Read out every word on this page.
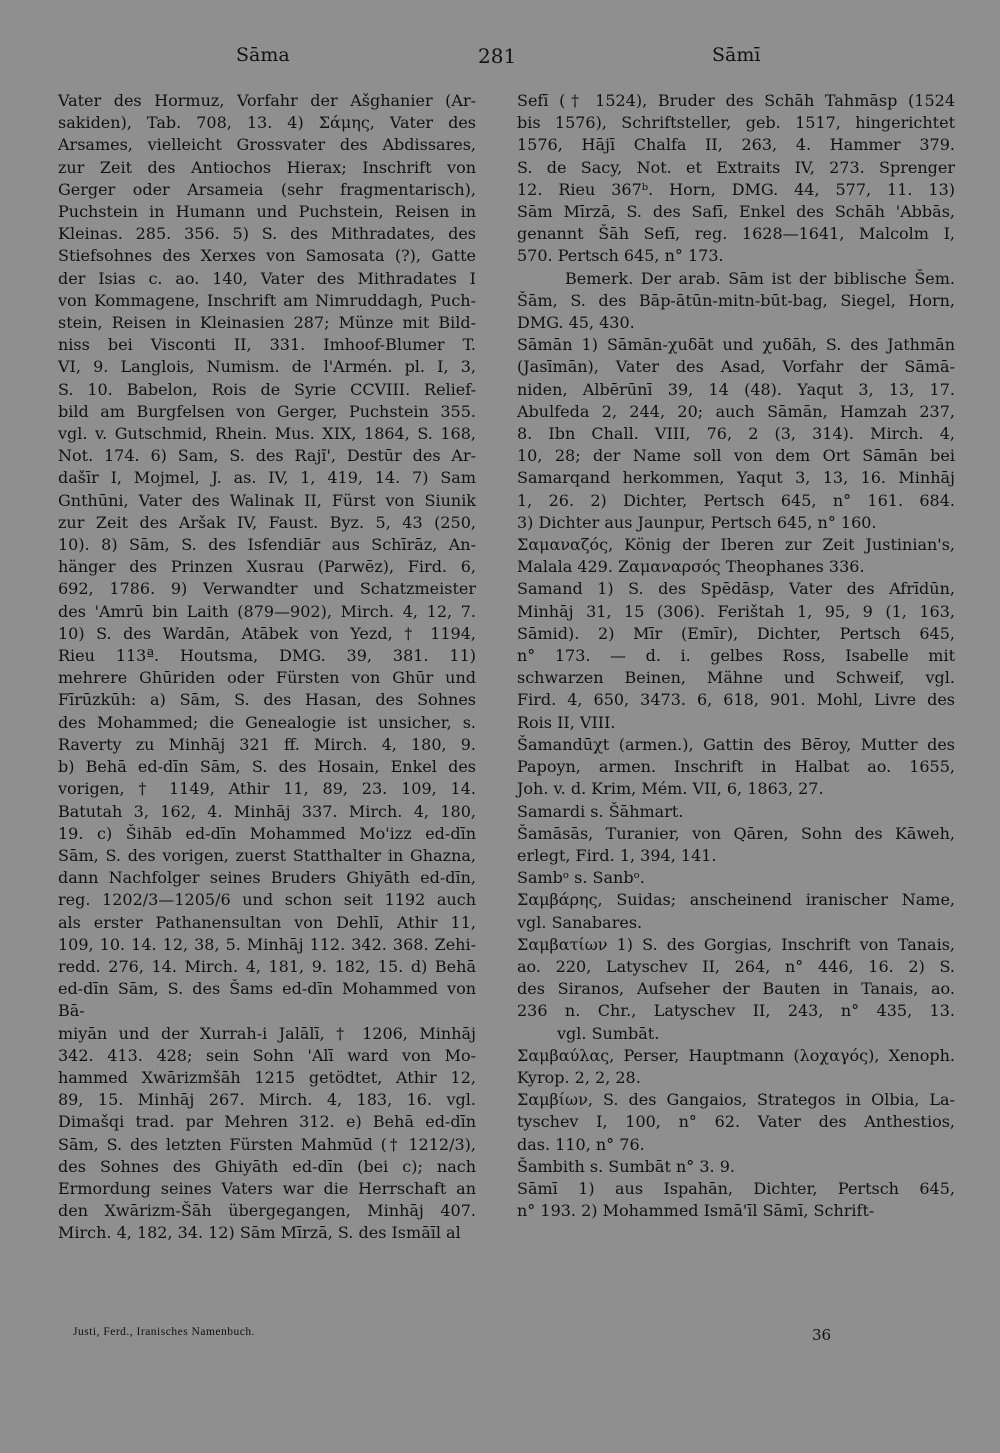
Sāma	281	Sāmī
Vater des Hormuz, Vorfahr der Ašghanier (Ar-
sakiden), Tab. 708, 13. 4) Σάμης, Vater des
Arsames, vielleicht Grossvater des Abdissares,
zur Zeit des Antiochos Hierax; Inschrift von
Gerger oder Arsameia (sehr fragmentarisch),
Puchstein in Humann und Puchstein, Reisen in
Kleinas. 285. 356. 5) S. des Mithradates, des
Stiefsohnes des Xerxes von Samosata (?), Gatte
der Isias c. ao. 140, Vater des Mithradates I
von Kommagene, Inschrift am Nimruddagh, Puch-
stein, Reisen in Kleinasien 287; Münze mit Bild-
niss bei Visconti II, 331. Imhoof-Blumer T.
VI, 9. Langlois, Numism. de l'Armén. pl. I, 3,
S. 10. Babelon, Rois de Syrie CCVIII. Relief-
bild am Burgfelsen von Gerger, Puchstein 355.
vgl. v. Gutschmid, Rhein. Mus. XIX, 1864, S. 168,
Not. 174. 6) Sam, S. des Rajı̄', Destūr des Ar-
dašīr I, Mojmel, J. as. IV, 1, 419, 14. 7) Sam
Gnthūni, Vater des Walinak II, Fürst von Siunik
zur Zeit des Aršak IV, Faust. Byz. 5, 43 (250,
10). 8) Sām, S. des Isfendiār aus Schīrāz, An-
hänger des Prinzen Xusrau (Parwēz), Fird. 6,
692, 1786. 9) Verwandter und Schatzmeister
des 'Amrū bin Laith (879—902), Mirch. 4, 12, 7.
10) S. des Wardān, Atābek von Yezd, † 1194,
Rieu 113ª. Houtsma, DMG. 39, 381. 11)
mehrere Ghūriden oder Fürsten von Ghūr und
Fīrūzkūh: a) Sām, S. des Hasan, des Sohnes
des Mohammed; die Genealogie ist unsicher, s.
Raverty zu Minhāj 321 ff. Mirch. 4, 180, 9.
b) Behā ed-dīn Sām, S. des Hosain, Enkel des
vorigen, † 1149, Athir 11, 89, 23. 109, 14.
Batutah 3, 162, 4. Minhāj 337. Mirch. 4, 180,
19. c) Šihāb ed-dīn Mohammed Mo'izz ed-dīn
Sām, S. des vorigen, zuerst Statthalter in Ghazna,
dann Nachfolger seines Bruders Ghiyāth ed-dīn,
reg. 1202/3—1205/6 und schon seit 1192 auch
als erster Pathanensultan von Dehlī, Athir 11,
109, 10. 14. 12, 38, 5. Minhāj 112. 342. 368. Zehi-
redd. 276, 14. Mirch. 4, 181, 9. 182, 15. d) Behā
ed-dīn Sām, S. des Šams ed-dīn Mohammed von Bā-
miyān und der Xurrah-i Jalālī, † 1206, Minhāj
342. 413. 428; sein Sohn 'Alī ward von Mo-
hammed Xwārizmšāh 1215 getödtet, Athir 12,
89, 15. Minhāj 267. Mirch. 4, 183, 16. vgl.
Dimašqi trad. par Mehren 312. e) Behā ed-dīn
Sām, S. des letzten Fürsten Mahmūd († 1212/3),
des Sohnes des Ghiyāth ed-dīn (bei c); nach
Ermordung seines Vaters war die Herrschaft an
den Xwārizm-Šāh übergegangen, Minhāj 407.
Mirch. 4, 182, 34. 12) Sām Mīrzā, S. des Ismāīl al
Sefī († 1524), Bruder des Schāh Tahmāsp (1524
bis 1576), Schriftsteller, geb. 1517, hingerichtet
1576, Hājī Chalfa II, 263, 4. Hammer 379.
S. de Sacy, Not. et Extraits IV, 273. Sprenger
12. Rieu 367ᵇ. Horn, DMG. 44, 577, 11. 13)
Sām Mīrzā, S. des Safī, Enkel des Schāh 'Abbās,
genannt Šāh Sefī, reg. 1628—1641, Malcolm I,
570. Pertsch 645, n° 173.
Bemerk. Der arab. Sām ist der biblische Šem.
Šām, S. des Bāp-ātūn-mitn-būt-bag, Siegel, Horn,
DMG. 45, 430.
Sāmān 1) Sāmān-χuδāt und χuδāh, S. des Jathmān
(Jasīmān), Vater des Asad, Vorfahr der Sāmā-
niden, Albērūnī 39, 14 (48). Yaqut 3, 13, 17.
Abulfeda 2, 244, 20; auch Sāmān, Hamzah 237,
8. Ibn Chall. VIII, 76, 2 (3, 314). Mirch. 4,
10, 28; der Name soll von dem Ort Sāmān bei
Samarqand herkommen, Yaqut 3, 13, 16. Minhāj
1, 26. 2) Dichter, Pertsch 645, n° 161. 684.
3) Dichter aus Jaunpur, Pertsch 645, n° 160.
Σαμαναζός, König der Iberen zur Zeit Justinian's,
Malala 429. Ζαμαναρσός Theophanes 336.
Samand 1) S. des Spēdāsp, Vater des Afrīdūn,
Minhāj 31, 15 (306). Ferištah 1, 95, 9 (1, 163,
Sāmid). 2) Mīr (Emīr), Dichter, Pertsch 645,
n° 173. — d. i. gelbes Ross, Isabelle mit
schwarzen Beinen, Mähne und Schweif, vgl.
Fird. 4, 650, 3473. 6, 618, 901. Mohl, Livre des
Rois II, VIII.
Šamandūχt (armen.), Gattin des Bēroy, Mutter des
Papoyn, armen. Inschrift in Halbat ao. 1655,
Joh. v. d. Krim, Mém. VII, 6, 1863, 27.
Samardi s. Šāhmart.
Šamāsās, Turanier, von Qāren, Sohn des Kāweh,
erlegt, Fird. 1, 394, 141.
Sambᵒ s. Sanbᵒ.
Σαμβάρης, Suidas; anscheinend iranischer Name,
vgl. Sanabares.
Σαμβατίων 1) S. des Gorgias, Inschrift von Tanais,
ao. 220, Latyschev II, 264, n° 446, 16. 2) S.
des Siranos, Aufseher der Bauten in Tanais, ao.
236 n. Chr., Latyschev II, 243, n° 435, 13.
vgl. Sumbāt.
Σαμβαύλας, Perser, Hauptmann (λοχαγός), Xenoph.
Kyrop. 2, 2, 28.
Σαμβίων, S. des Gangaios, Strategos in Olbia, La-
tyschev I, 100, n° 62. Vater des Anthestios,
das. 110, n° 76.
Šambith s. Sumbāt n° 3. 9.
Sāmī 1) aus Ispahān, Dichter, Pertsch 645,
n° 193. 2) Mohammed Ismā'īl Sāmī, Schrift-
Justi, Ferd., Iranisches Namenbuch.	36
